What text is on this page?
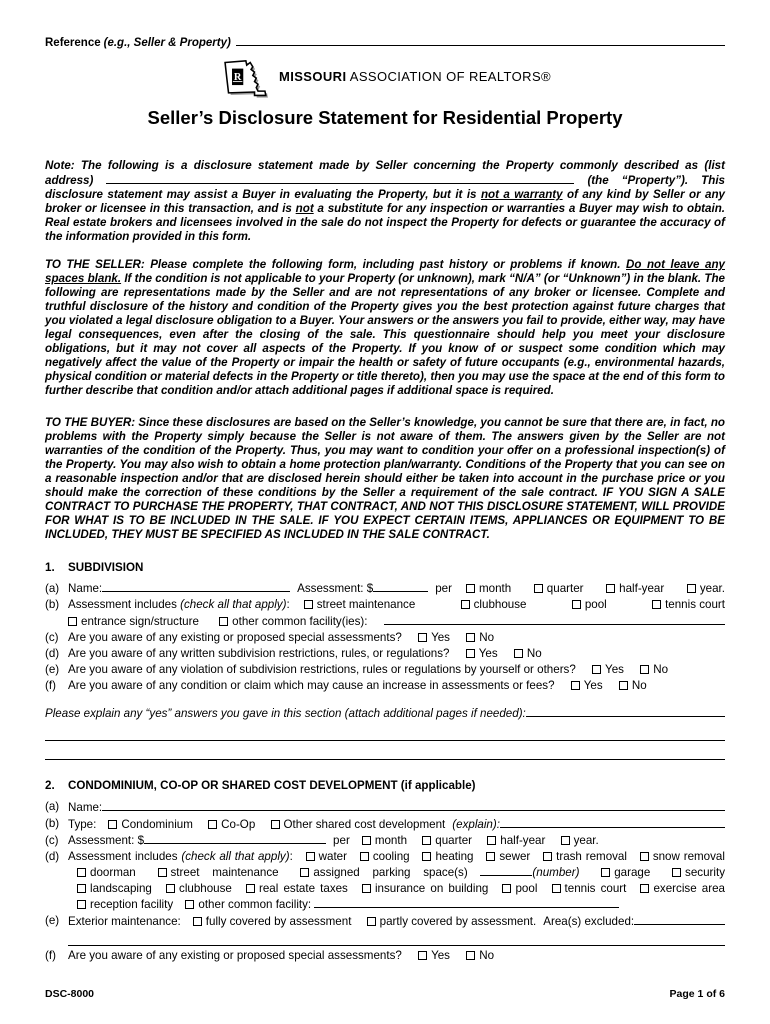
Reference (e.g., Seller & Property)
R	MISSOURI ASSOCIATION OF REALTORS®
Seller’s Disclosure Statement for Residential Property

Note: The following is a disclosure statement made by Seller concerning the Property commonly described as (list address)	(the “Property”). This disclosure statement may assist a Buyer in evaluating the Property, but it is not a warranty of any kind by Seller or any broker or licensee in this transaction, and is not a substitute for any inspection or warranties a Buyer may wish to obtain. Real estate brokers and licensees involved in the sale do not inspect the Property for defects or guarantee the accuracy of the information provided in this form.

TO THE SELLER: Please complete the following form, including past history or problems if known. Do not leave any spaces blank. If the condition is not applicable to your Property (or unknown), mark “N/A” (or “Unknown”) in the blank. The following are representations made by the Seller and are not representations of any broker or licensee. Complete and truthful disclosure of the history and condition of the Property gives you the best protection against future charges that you violated a legal disclosure obligation to a Buyer. Your answers or the answers you fail to provide, either way, may have legal consequences, even after the closing of the sale. This questionnaire should help you meet your disclosure obligations, but it may not cover all aspects of the Property. If you know of or suspect some condition which may negatively affect the value of the Property or impair the health or safety of future occupants (e.g., environmental hazards, physical condition or material defects in the Property or title thereto), then you may use the space at the end of this form to further describe that condition and/or attach additional pages if additional space is required.

TO THE BUYER: Since these disclosures are based on the Seller’s knowledge, you cannot be sure that there are, in fact, no problems with the Property simply because the Seller is not aware of them. The answers given by the Seller are not warranties of the condition of the Property. Thus, you may want to condition your offer on a professional inspection(s) of the Property. You may also wish to obtain a home protection plan/warranty. Conditions of the Property that you can see on a reasonable inspection and/or that are disclosed herein should either be taken into account in the purchase price or you should make the correction of these conditions by the Seller a requirement of the sale contract. IF YOU SIGN A SALE CONTRACT TO PURCHASE THE PROPERTY, THAT CONTRACT, AND NOT THIS DISCLOSURE STATEMENT, WILL PROVIDE FOR WHAT IS TO BE INCLUDED IN THE SALE. IF YOU EXPECT CERTAIN ITEMS, APPLIANCES OR EQUIPMENT TO BE INCLUDED, THEY MUST BE SPECIFIED AS INCLUDED IN THE SALE CONTRACT.

1. SUBDIVISION
(a) Name:	Assessment: $	per	month	quarter	half-year	year.
(b) Assessment includes (check all that apply):	street maintenance	clubhouse	pool	tennis court
entrance sign/structure	other common facility(ies):
(c) Are you aware of any existing or proposed special assessments?	Yes	No
(d) Are you aware of any written subdivision restrictions, rules, or regulations?	Yes	No
(e) Are you aware of any violation of subdivision restrictions, rules or regulations by yourself or others?	Yes	No
(f) Are you aware of any condition or claim which may cause an increase in assessments or fees?	Yes	No
Please explain any “yes” answers you gave in this section (attach additional pages if needed):
2. CONDOMINIUM, CO-OP OR SHARED COST DEVELOPMENT (if applicable)
(a) Name:
(b) Type:	Condominium Co-Op Other shared cost development (explain):
(c) Assessment: $	per	month quarter half-year year.
(d) Assessment includes (check all that apply): water cooling heating sewer trash removal snow removal doorman	street maintenance	assigned parking space(s)	(number)	garage	security landscaping clubhouse real estate taxes insurance on building pool tennis court exercise area reception facility other common facility:
(e) Exterior maintenance:	fully covered by assessment partly covered by assessment. Area(s) excluded:
(f) Are you aware of any existing or proposed special assessments?	Yes	No
DSC-8000	Page 1 of 6
